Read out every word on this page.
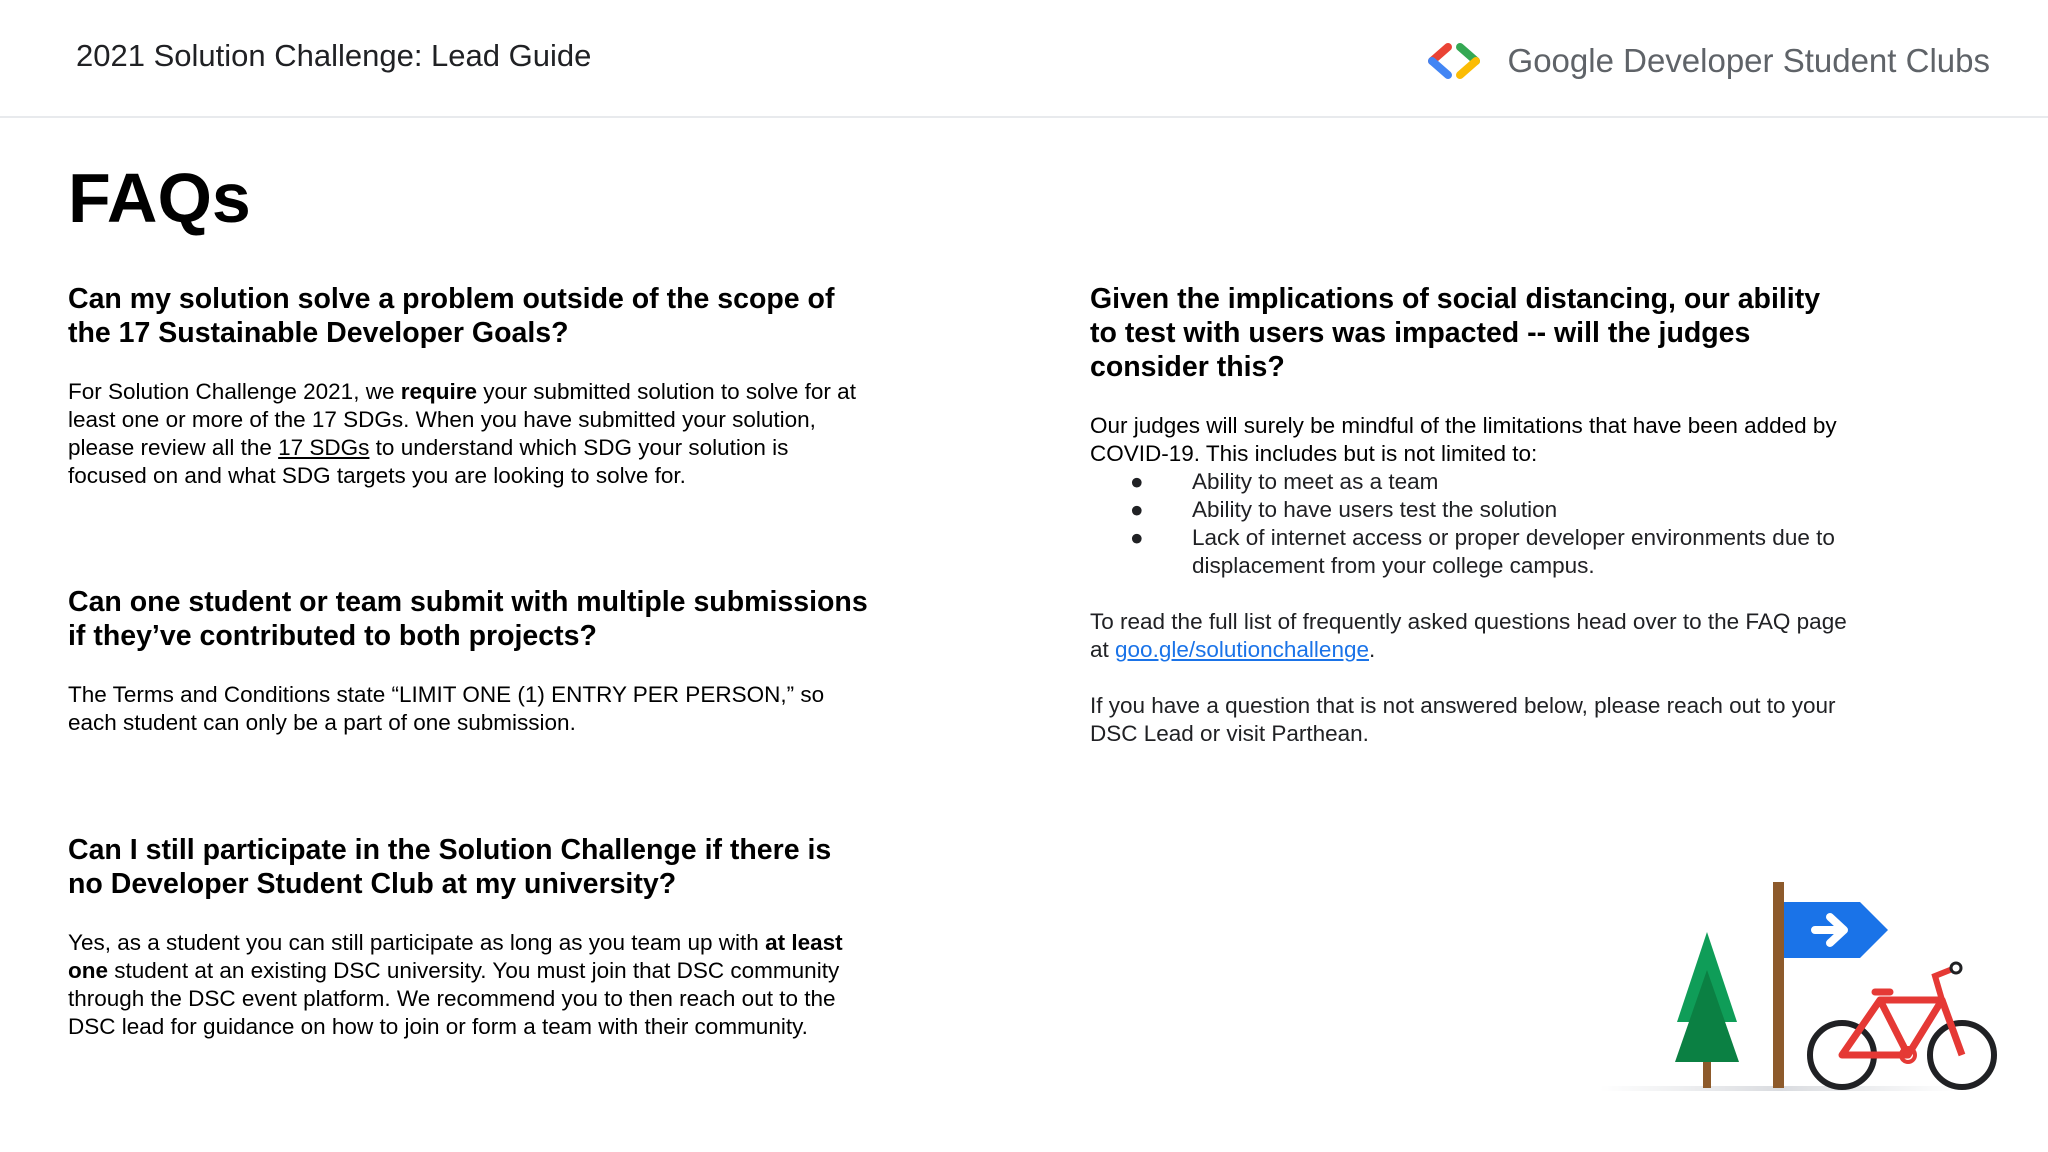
2021 Solution Challenge: Lead Guide	Google Developer Student Clubs
FAQs

Can my solution solve a problem outside of the scope of the 17 Sustainable Developer Goals?

For Solution Challenge 2021, we require your submitted solution to solve for at least one or more of the 17 SDGs. When you have submitted your solution, please review all the 17 SDGs to understand which SDG your solution is focused on and what SDG targets you are looking to solve for.

Can one student or team submit with multiple submissions if they’ve contributed to both projects?

The Terms and Conditions state “LIMIT ONE (1) ENTRY PER PERSON,” so each student can only be a part of one submission.

Can I still participate in the Solution Challenge if there is no Developer Student Club at my university?

Yes, as a student you can still participate as long as you team up with at least one student at an existing DSC university. You must join that DSC community through the DSC event platform. We recommend you to then reach out to the DSC lead for guidance on how to join or form a team with their community.

Given the implications of social distancing, our ability to test with users was impacted -- will the judges consider this?

Our judges will surely be mindful of the limitations that have been added by COVID-19. This includes but is not limited to:

● Ability to meet as a team
● Ability to have users test the solution
● Lack of internet access or proper developer environments due to displacement from your college campus.

To read the full list of frequently asked questions head over to the FAQ page at goo.gle/solutionchallenge.

If you have a question that is not answered below, please reach out to your DSC Lead or visit Parthean.
